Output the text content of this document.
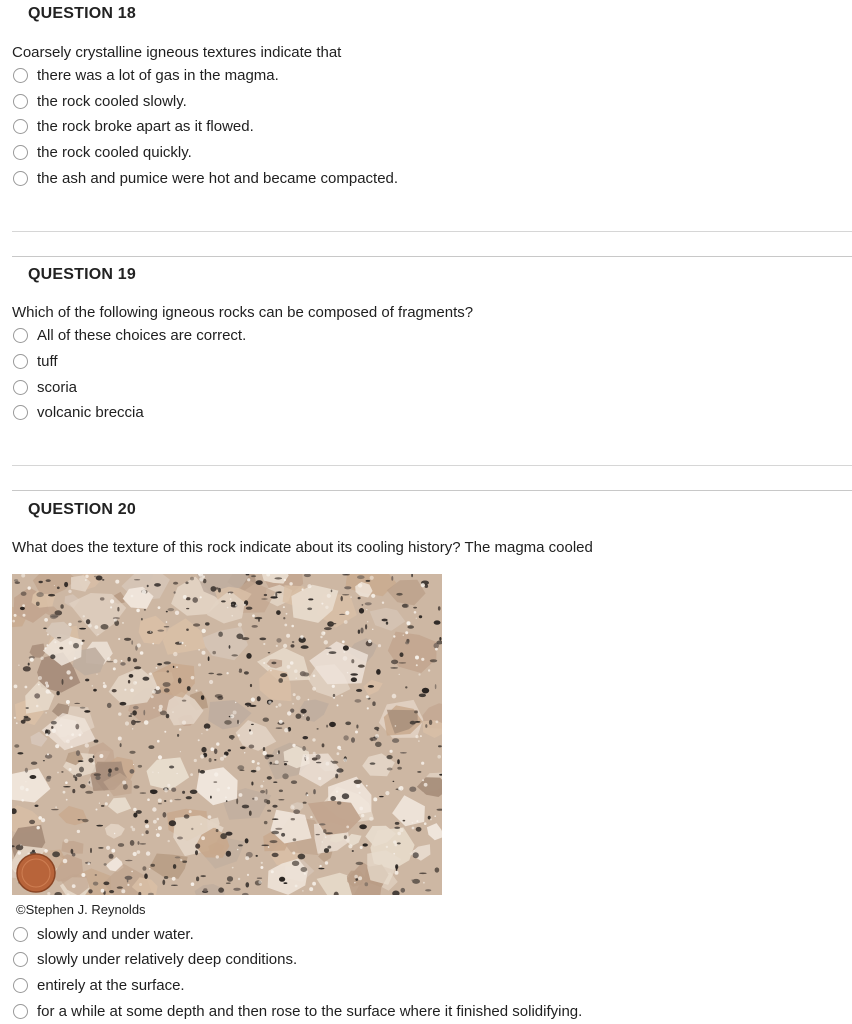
QUESTION 18
Coarsely crystalline igneous textures indicate that
there was a lot of gas in the magma.
the rock cooled slowly.
the rock broke apart as it flowed.
the rock cooled quickly.
the ash and pumice were hot and became compacted.
QUESTION 19
Which of the following igneous rocks can be composed of fragments?
All of these choices are correct.
tuff
scoria
volcanic breccia
QUESTION 20
What does the texture of this rock indicate about its cooling history? The magma cooled
©Stephen J. Reynolds
slowly and under water.
slowly under relatively deep conditions.
entirely at the surface.
for a while at some depth and then rose to the surface where it finished solidifying.
